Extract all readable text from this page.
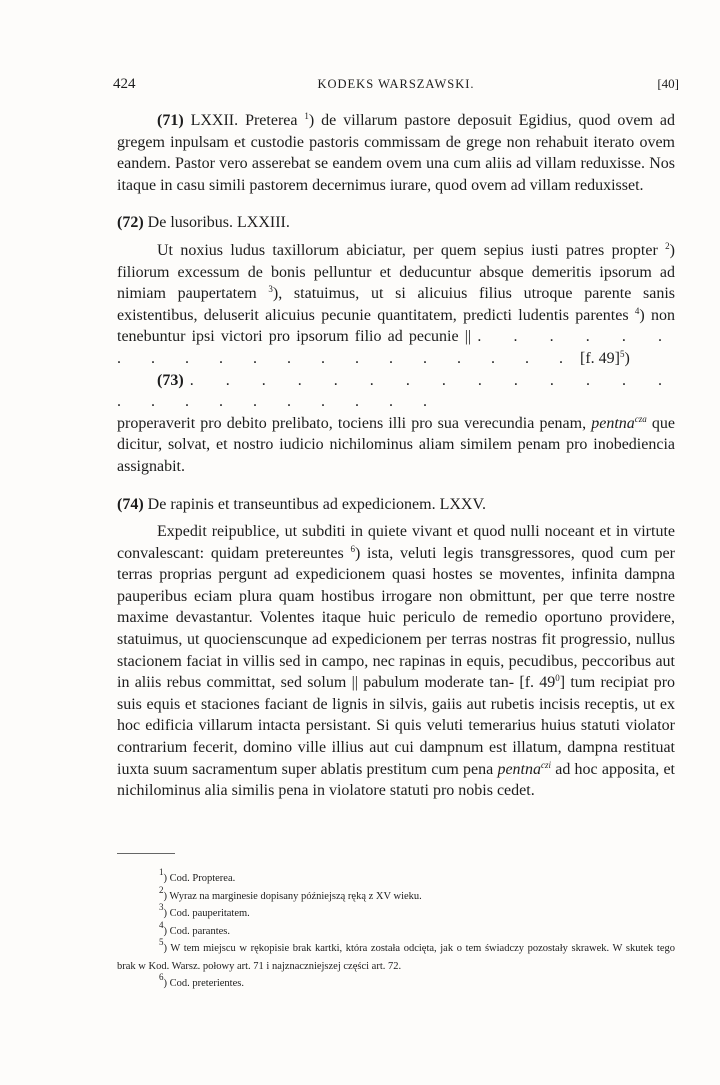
424	KODEKS WARSZAWSKI.	[40]

(71) LXXII. Preterea $^1$) de villarum pastore deposuit Egidius, quod ovem ad gregem inpulsam et custodie pastoris commissam de grege non rehabuit iterato ovem eandem. Pastor vero asserebat se eandem ovem una cum aliis ad villam reduxisse. Nos itaque in casu simili pastorem decernimus iurare, quod ovem ad villam reduxisset.

(72) De lusoribus. LXXIII.

Ut noxius ludus taxillorum abiciatur, per quem sepius iusti patres propter $^2$) filiorum excessum de bonis pelluntur et deducuntur absque demeritis ipsorum ad nimiam paupertatem $^3$), statuimus, ut si alicuius filius utroque parente sanis existentibus, deluserit alicuius pecunie quantitatem, predicti ludentis parentes $^4$) non tenebuntur ipsi victori pro ipsorum filio ad pecunie || . . . . . . . . . . . . . . . . . . . . [f. 49]$^5$)

(73) . . . . . . . . . . . . . . . . . . . . . . . .

properaverit pro debito prelibato, tociens illi pro sua verecundia penam, pentna$^{cza}$ que dicitur, solvat, et nostro iudicio nichilominus aliam similem penam pro inobediencia assignabit.

(74) De rapinis et transeuntibus ad expedicionem. LXXV.

Expedit reipublice, ut subditi in quiete vivant et quod nulli noceant et in virtute convalescant: quidam pretereuntes $^6$) ista, veluti legis transgressores, quod cum per terras proprias pergunt ad expedicionem quasi hostes se moventes, infinita dampna pauperibus eciam plura quam hostibus irrogare non obmittunt, per que terre nostre maxime devastantur. Volentes itaque huic periculo de remedio oportuno providere, statuimus, ut quocienscunque ad expedicionem per terras nostras fit progressio, nullus stacionem faciat in villis sed in campo, nec rapinas in equis, pecudibus, peccoribus aut in aliis rebus committat, sed solum || pabulum moderate tan- [f. $49^0$] tum recipiat pro suis equis et staciones faciant de lignis in silvis, gaiis aut rubetis incisis receptis, ut ex hoc edificia villarum intacta persistant. Si quis veluti temerarius huius statuti violator contrarium fecerit, domino ville illius aut cui dampnum est illatum, dampna restituat iuxta suum sacramentum super ablatis prestitum cum pena pentna$^{czi}$ ad hoc apposita, et nichilominus alia similis pena in violatore statuti pro nobis cedet.

$^1$) Cod. Propterea.

$^2$) Wyraz na marginesie dopisany późniejszą ręką z XV wieku.

$^3$) Cod. pauperitatem.

$^4$) Cod. parantes.

$^5$) W tem miejscu w rękopisie brak kartki, która została odcięta, jak o tem świadczy pozostały skrawek. W skutek tego brak w Kod. Warsz. połowy art. 71 i najznaczniejszej części art. 72.

$^6$) Cod. preterientes.
